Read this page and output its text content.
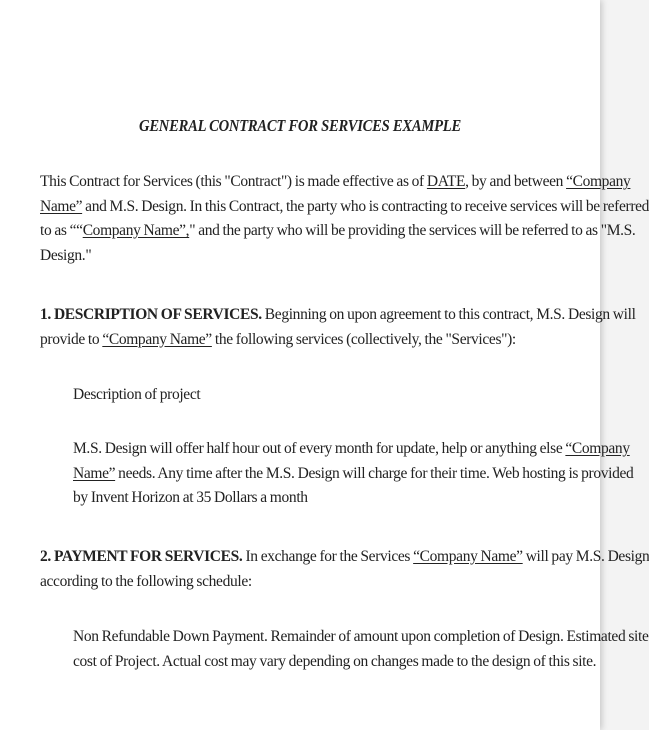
GENERAL CONTRACT FOR SERVICES EXAMPLE
This Contract for Services (this "Contract") is made effective as of DATE, by and between “Company
Name” and M.S. Design. In this Contract, the party who is contracting to receive services will be referred
to as ““Company Name”," and the party who will be providing the services will be referred to as "M.S.
Design."
1. DESCRIPTION OF SERVICES. Beginning on upon agreement to this contract, M.S. Design will
provide to “Company Name” the following services (collectively, the "Services"):
Description of project
M.S. Design will offer half hour out of every month for update, help or anything else “Company
Name” needs. Any time after the M.S. Design will charge for their time. Web hosting is provided
by Invent Horizon at 35 Dollars a month
2. PAYMENT FOR SERVICES. In exchange for the Services “Company Name” will pay M.S. Design
according to the following schedule:
Non Refundable Down Payment. Remainder of amount upon completion of Design. Estimated site
cost of Project. Actual cost may vary depending on changes made to the design of this site.
